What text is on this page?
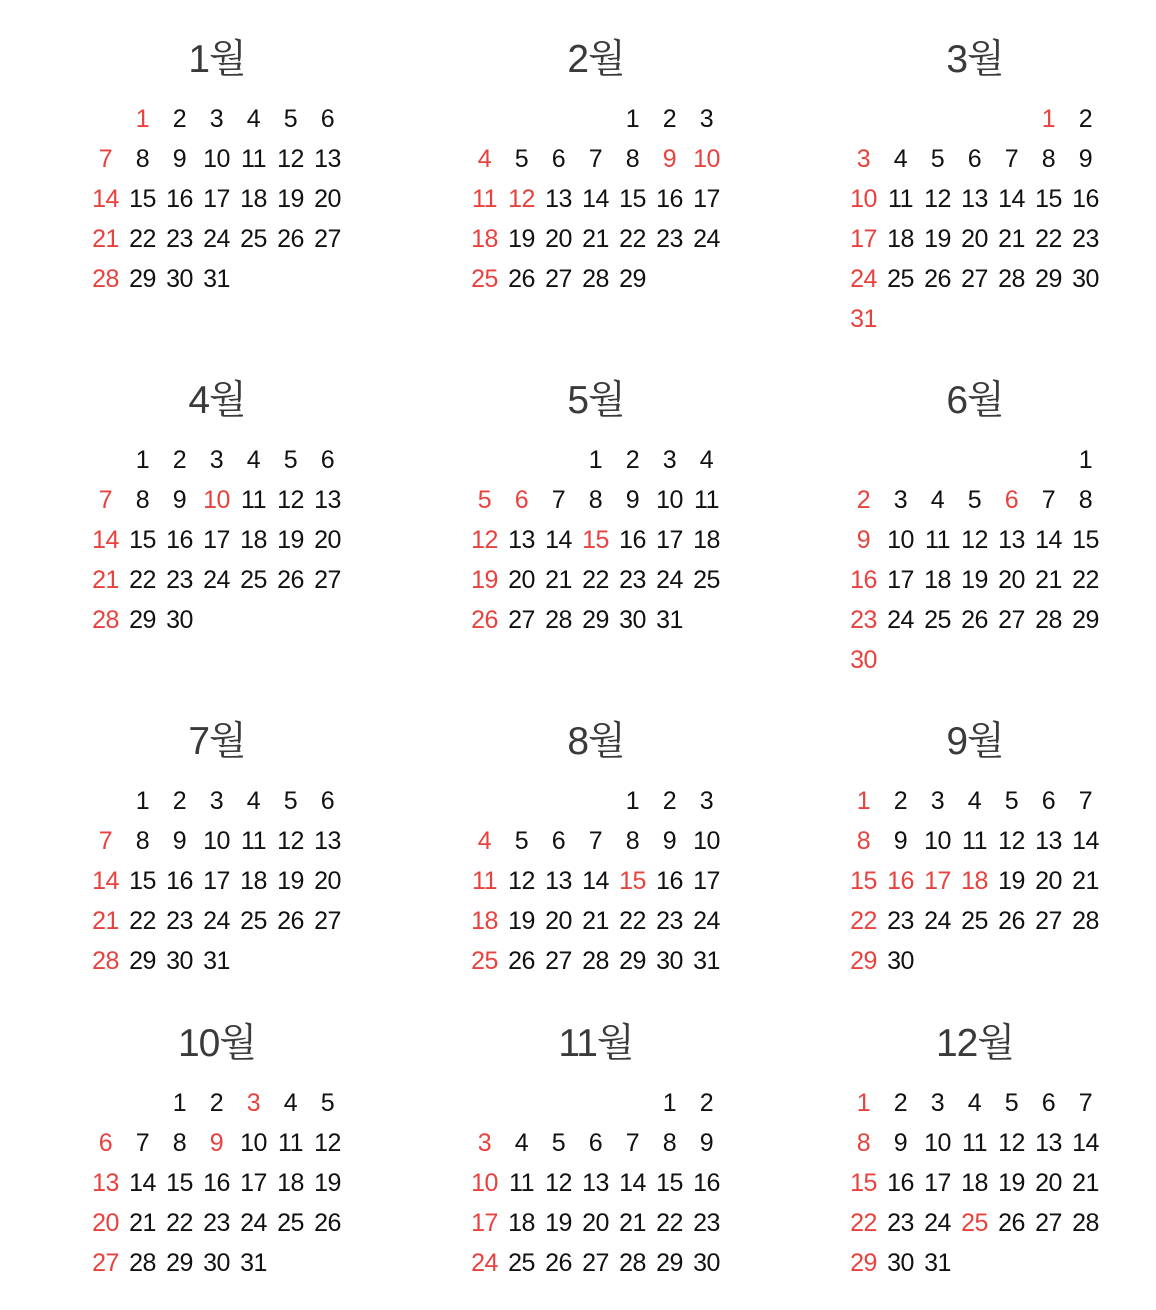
1월
1 2 3 4 5 6
7 8 9 10 11 12 13
14 15 16 17 18 19 20
21 22 23 24 25 26 27
28 29 30 31
2월
1 2 3
4 5 6 7 8 9 10
11 12 13 14 15 16 17
18 19 20 21 22 23 24
25 26 27 28 29
3월
1 2
3 4 5 6 7 8 9
10 11 12 13 14 15 16
17 18 19 20 21 22 23
24 25 26 27 28 29 30
31
4월
1 2 3 4 5 6
7 8 9 10 11 12 13
14 15 16 17 18 19 20
21 22 23 24 25 26 27
28 29 30
5월
1 2 3 4
5 6 7 8 9 10 11
12 13 14 15 16 17 18
19 20 21 22 23 24 25
26 27 28 29 30 31
6월
1
2 3 4 5 6 7 8
9 10 11 12 13 14 15
16 17 18 19 20 21 22
23 24 25 26 27 28 29
30
7월
1 2 3 4 5 6
7 8 9 10 11 12 13
14 15 16 17 18 19 20
21 22 23 24 25 26 27
28 29 30 31
8월
1 2 3
4 5 6 7 8 9 10
11 12 13 14 15 16 17
18 19 20 21 22 23 24
25 26 27 28 29 30 31
9월
1 2 3 4 5 6 7
8 9 10 11 12 13 14
15 16 17 18 19 20 21
22 23 24 25 26 27 28
29 30
10월
1 2 3 4 5
6 7 8 9 10 11 12
13 14 15 16 17 18 19
20 21 22 23 24 25 26
27 28 29 30 31
11월
1 2
3 4 5 6 7 8 9
10 11 12 13 14 15 16
17 18 19 20 21 22 23
24 25 26 27 28 29 30
12월
1 2 3 4 5 6 7
8 9 10 11 12 13 14
15 16 17 18 19 20 21
22 23 24 25 26 27 28
29 30 31
